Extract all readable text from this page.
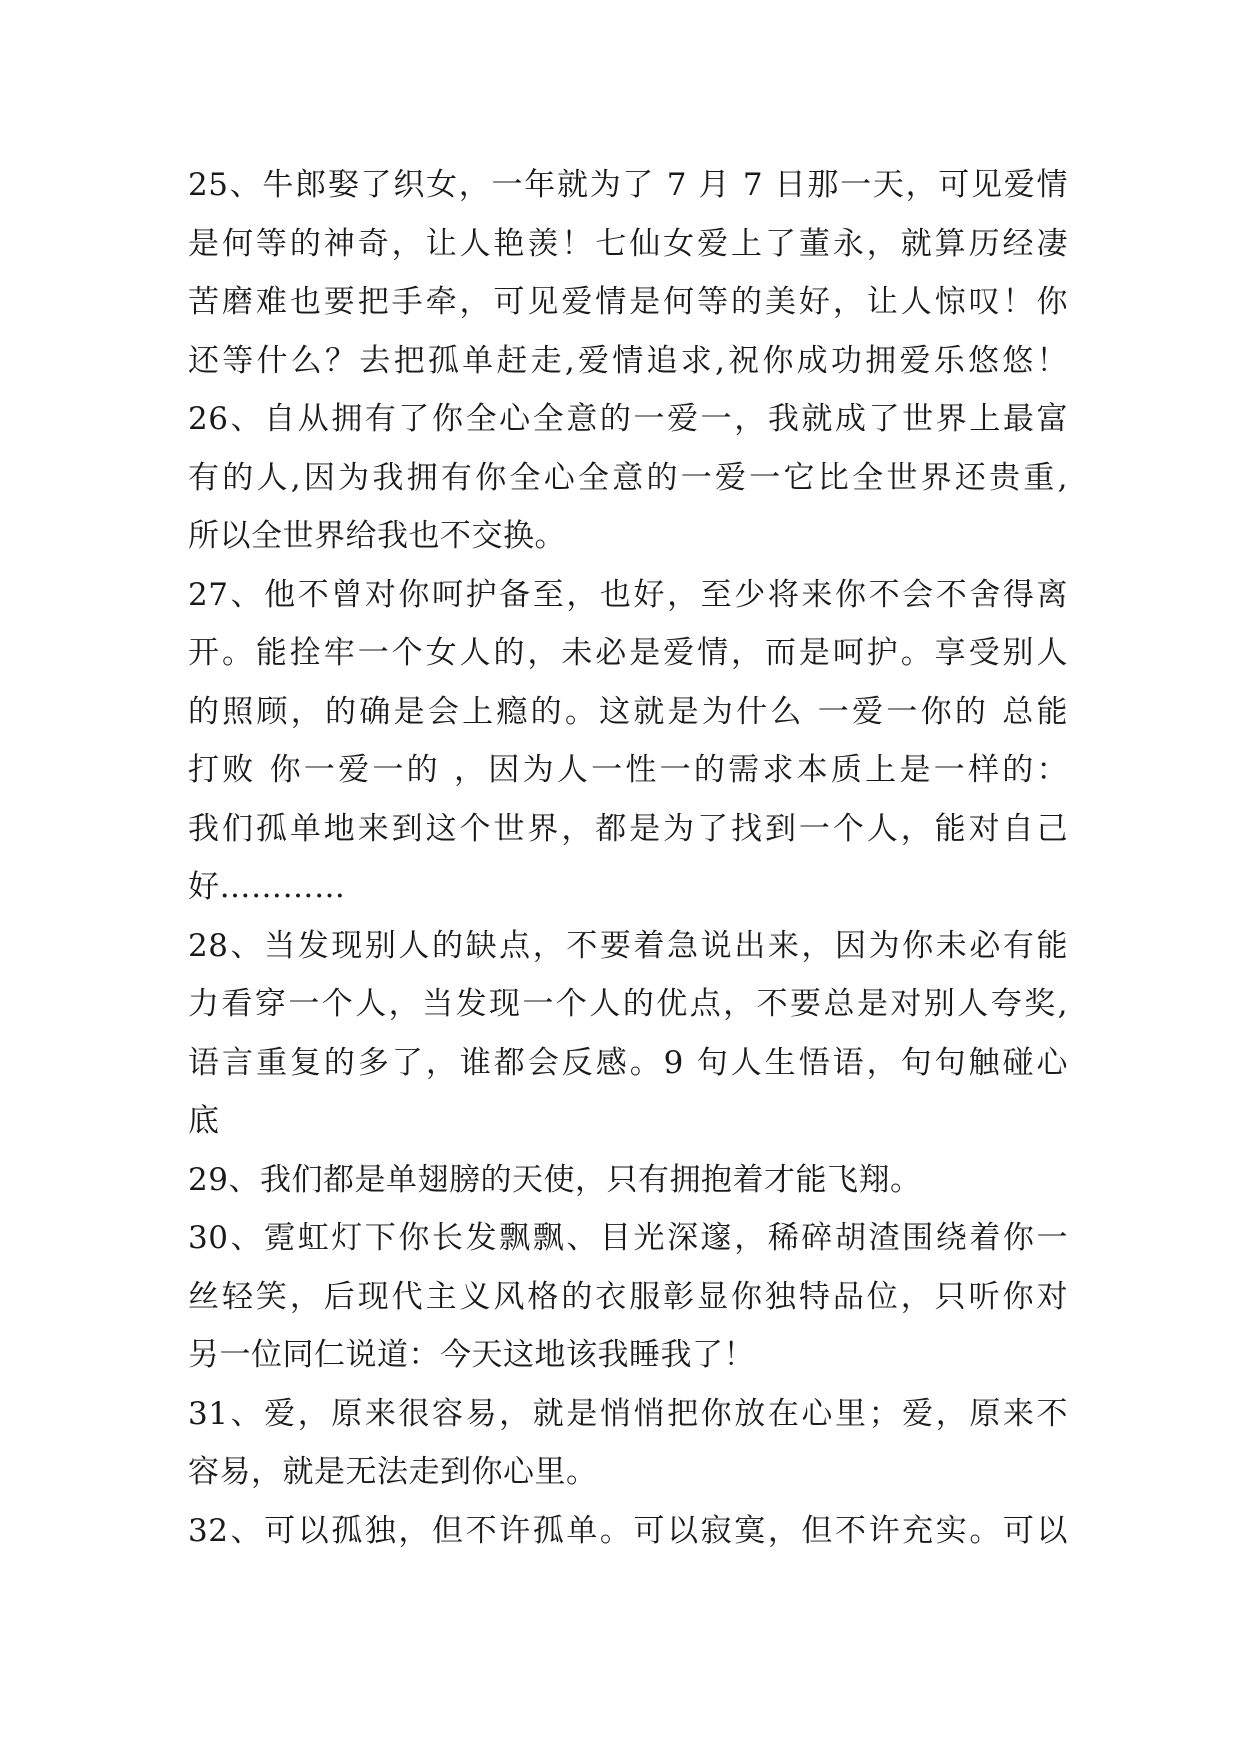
25、牛郎娶了织女，一年就为了 7 月 7 日那一天，可见爱情
是何等的神奇，让人艳羡！七仙女爱上了董永，就算历经凄
苦磨难也要把手牵，可见爱情是何等的美好，让人惊叹！你
还等什么？去把孤单赶走,爱情追求,祝你成功拥爱乐悠悠！
26、自从拥有了你全心全意的一爱一，我就成了世界上最富
有的人,因为我拥有你全心全意的一爱一它比全世界还贵重,
所以全世界给我也不交换。
27、他不曾对你呵护备至，也好，至少将来你不会不舍得离
开。能拴牢一个女人的，未必是爱情，而是呵护。享受别人
的照顾，的确是会上瘾的。这就是为什么 一爱一你的 总能
打败 你一爱一的 ，因为人一性一的需求本质上是一样的：
我们孤单地来到这个世界，都是为了找到一个人，能对自己
好…………
28、当发现别人的缺点，不要着急说出来，因为你未必有能
力看穿一个人，当发现一个人的优点，不要总是对别人夸奖,
语言重复的多了，谁都会反感。9 句人生悟语，句句触碰心
底
29、我们都是单翅膀的天使，只有拥抱着才能飞翔。
30、霓虹灯下你长发飘飘、目光深邃，稀碎胡渣围绕着你一
丝轻笑，后现代主义风格的衣服彰显你独特品位，只听你对
另一位同仁说道：今天这地该我睡我了！
31、爱，原来很容易，就是悄悄把你放在心里；爱，原来不
容易，就是无法走到你心里。
32、可以孤独，但不许孤单。可以寂寞，但不许充实。可以
